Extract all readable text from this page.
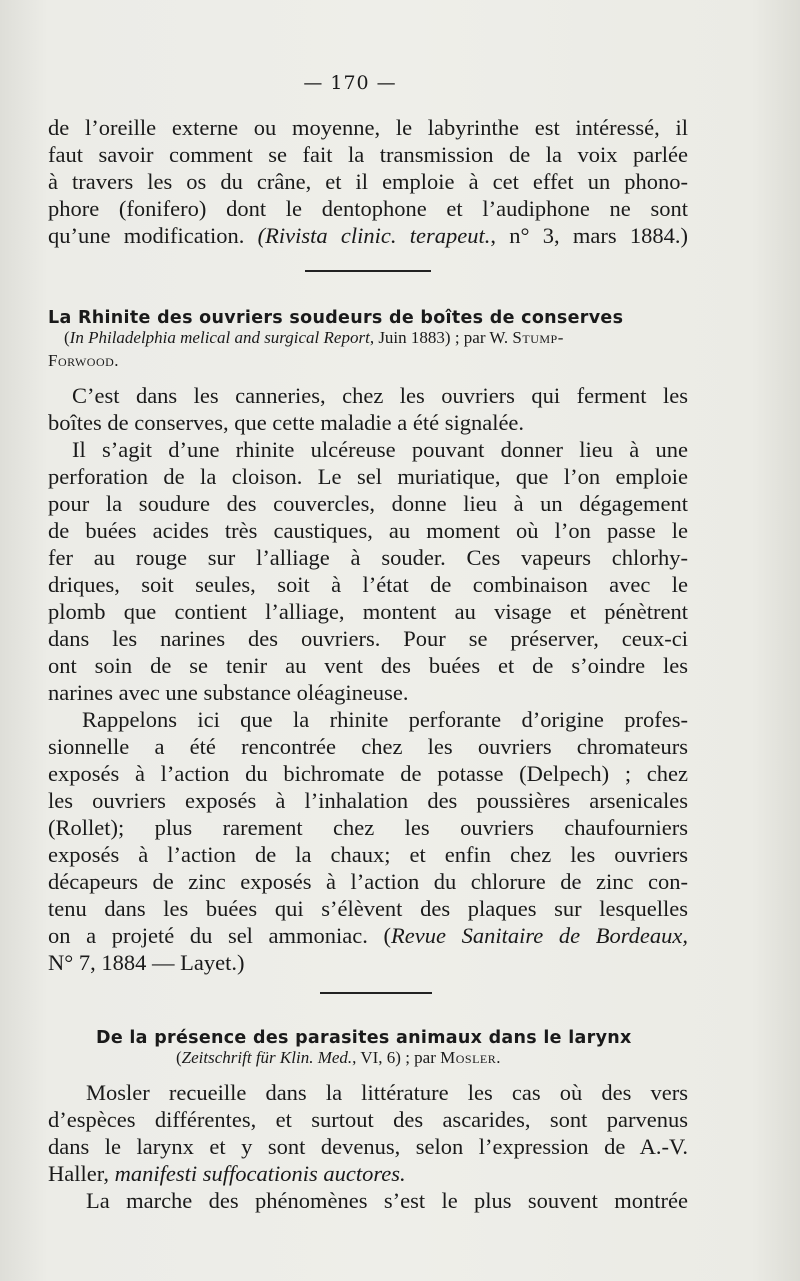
— 170 —
de l’oreille externe ou moyenne, le labyrinthe est intéressé, il
faut savoir comment se fait la transmission de la voix parlée
à travers les os du crâne, et il emploie à cet effet un phono-
phore (fonifero) dont le dentophone et l’audiphone ne sont
qu’une modification. (Rivista clinic. terapeut., n° 3, mars 1884.)
La Rhinite des ouvriers soudeurs de boîtes de conserves
(In Philadelphia melical and surgical Report, Juin 1883) ; par W. Stump-
Forwood.
C’est dans les canneries, chez les ouvriers qui ferment les
boîtes de conserves, que cette maladie a été signalée.
Il s’agit d’une rhinite ulcéreuse pouvant donner lieu à une
perforation de la cloison. Le sel muriatique, que l’on emploie
pour la soudure des couvercles, donne lieu à un dégagement
de buées acides très caustiques, au moment où l’on passe le
fer au rouge sur l’alliage à souder. Ces vapeurs chlorhy-
driques, soit seules, soit à l’état de combinaison avec le
plomb que contient l’alliage, montent au visage et pénètrent
dans les narines des ouvriers. Pour se préserver, ceux-ci
ont soin de se tenir au vent des buées et de s’oindre les
narines avec une substance oléagineuse.
Rappelons ici que la rhinite perforante d’origine profes-
sionnelle a été rencontrée chez les ouvriers chromateurs
exposés à l’action du bichromate de potasse (Delpech) ; chez
les ouvriers exposés à l’inhalation des poussières arsenicales
(Rollet); plus rarement chez les ouvriers chaufourniers
exposés à l’action de la chaux; et enfin chez les ouvriers
décapeurs de zinc exposés à l’action du chlorure de zinc con-
tenu dans les buées qui s’élèvent des plaques sur lesquelles
on a projeté du sel ammoniac. (Revue Sanitaire de Bordeaux,
N° 7, 1884 — Layet.)
De la présence des parasites animaux dans le larynx
(Zeitschrift für Klin. Med., VI, 6) ; par Mosler.
Mosler recueille dans la littérature les cas où des vers
d’espèces différentes, et surtout des ascarides, sont parvenus
dans le larynx et y sont devenus, selon l’expression de A.-V.
Haller, manifesti suffocationis auctores.
La marche des phénomènes s’est le plus souvent montrée
